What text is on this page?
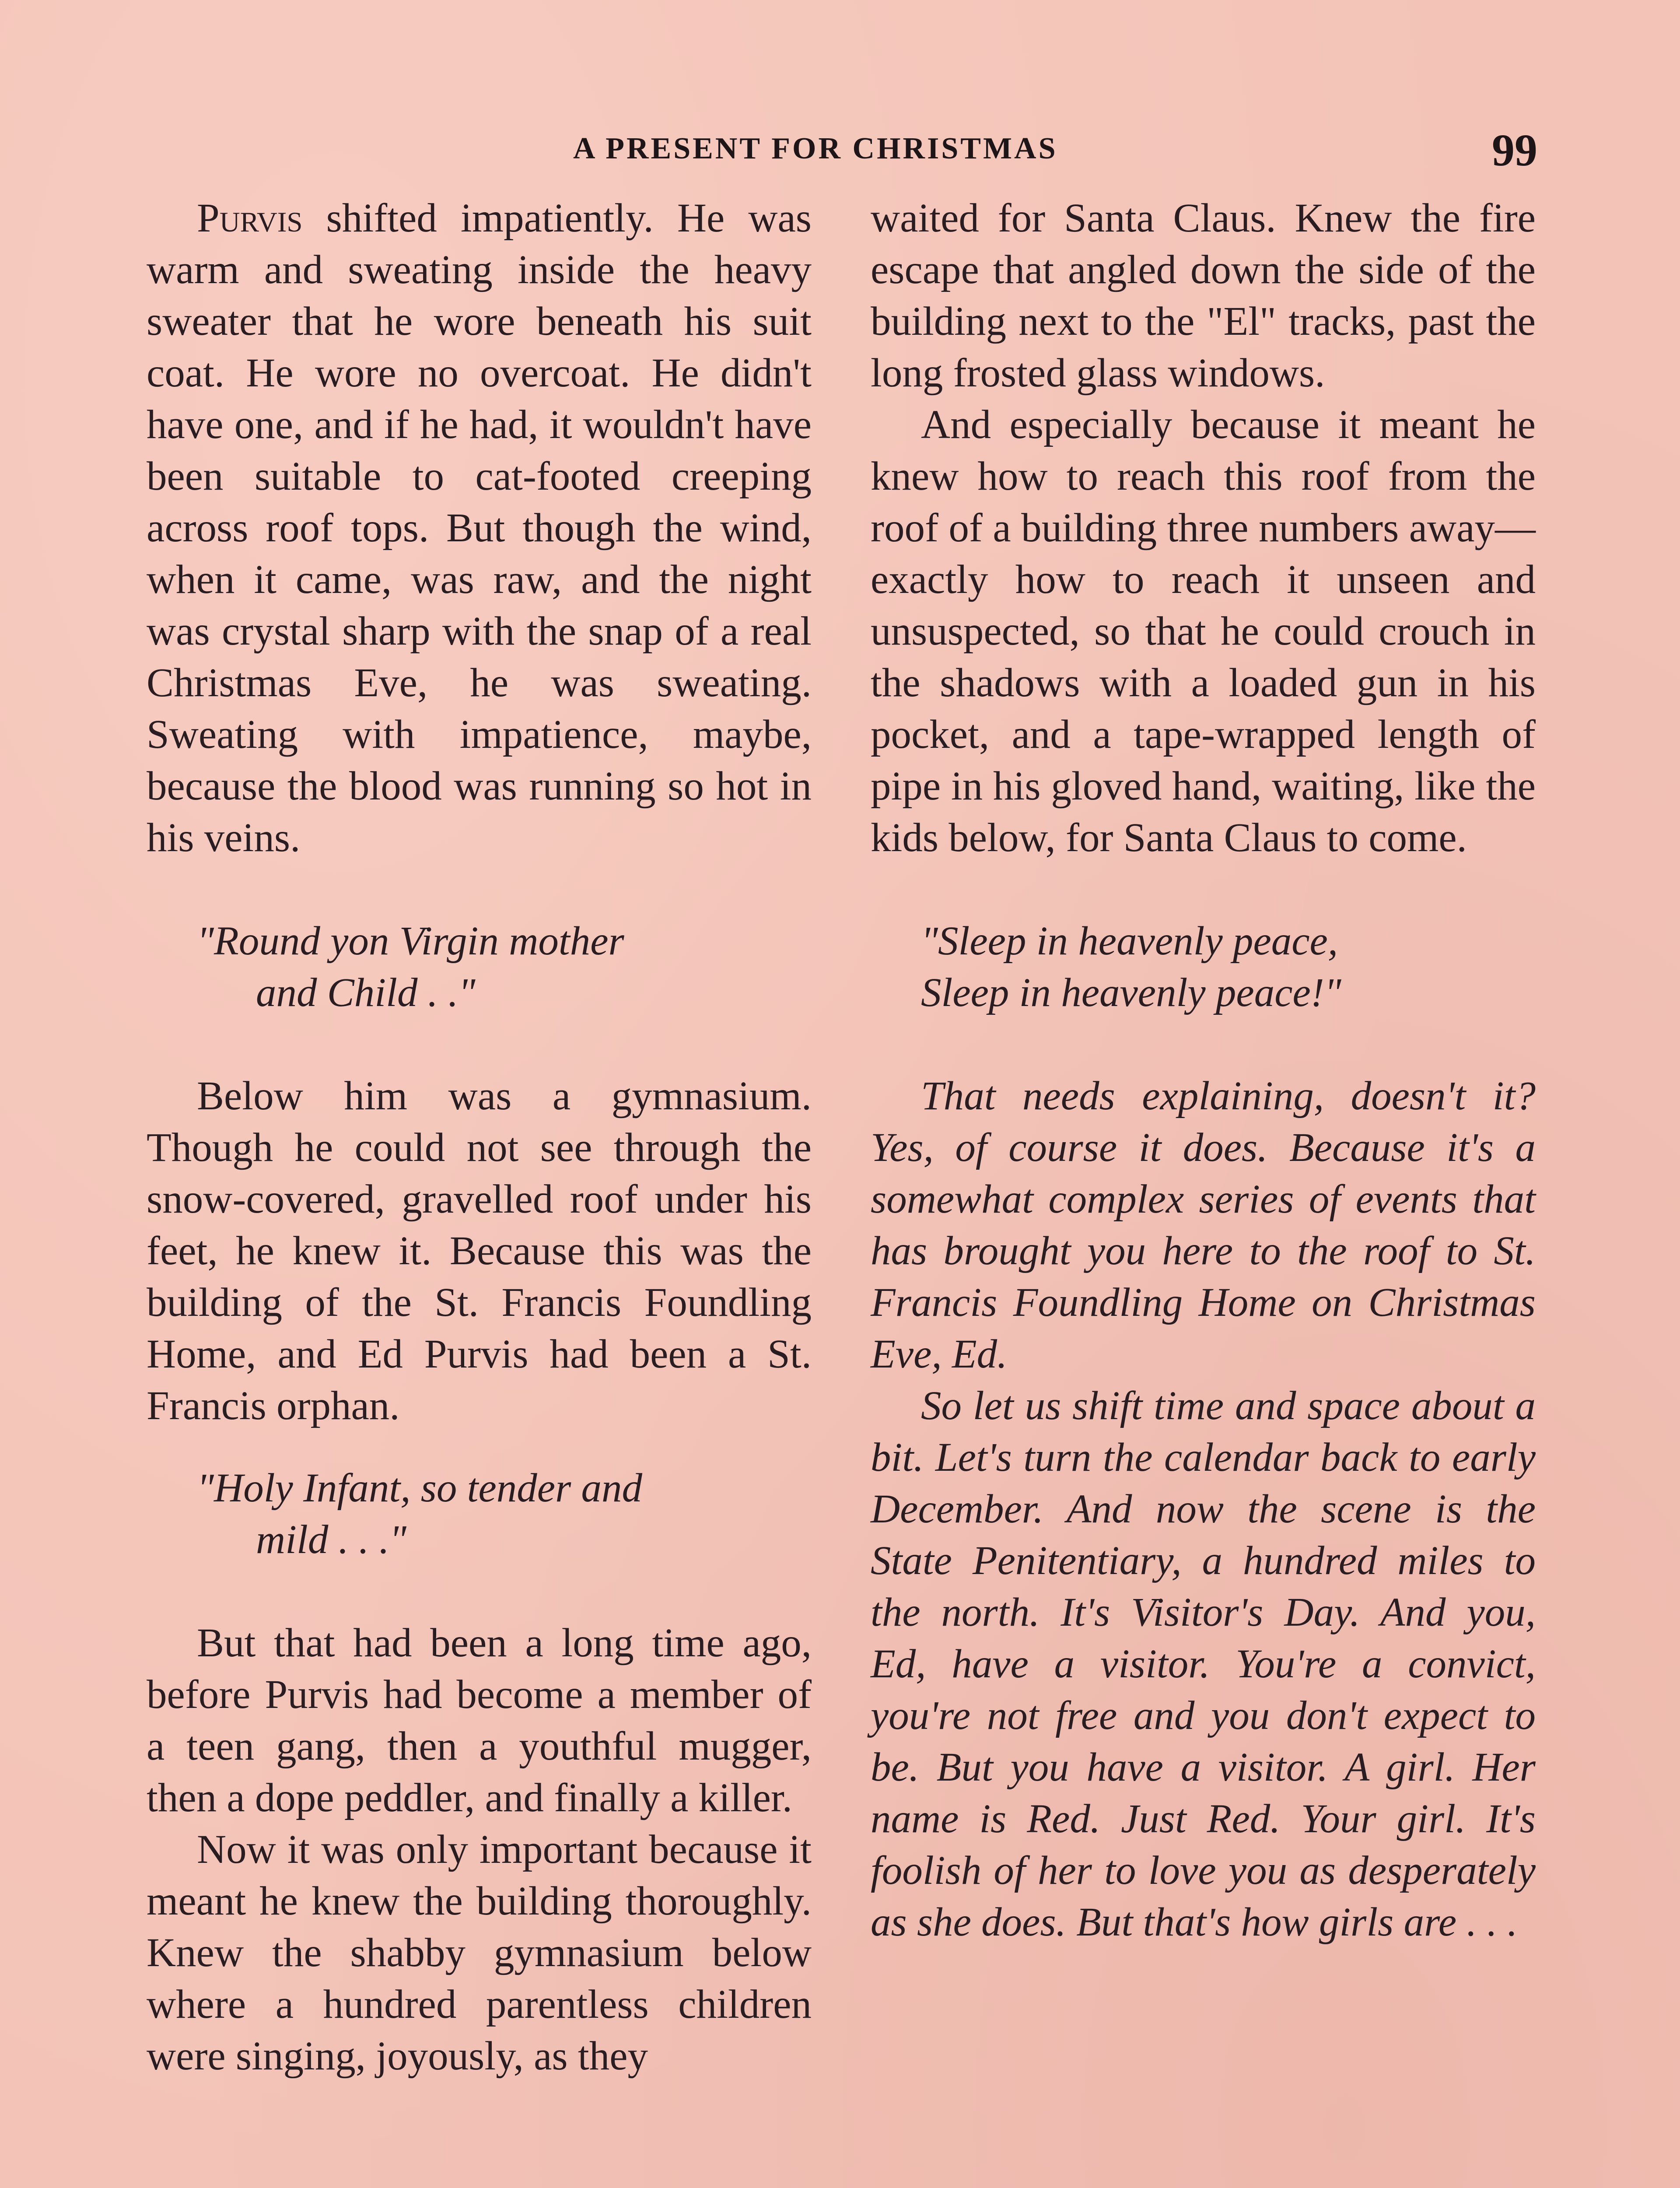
A PRESENT FOR CHRISTMAS	99

Purvis shifted impatiently. He was warm and sweating inside the heavy sweater that he wore beneath his suit coat. He wore no overcoat. He didn't have one, and if he had, it wouldn't have been suitable to cat-footed creeping across roof tops. But though the wind, when it came, was raw, and the night was crystal sharp with the snap of a real Christmas Eve, he was sweating. Sweating with impatience, maybe, because the blood was running so hot in his veins.

"Round yon Virgin mother
and Child . ."

Below him was a gymnasium. Though he could not see through the snow-covered, gravelled roof under his feet, he knew it. Because this was the building of the St. Francis Foundling Home, and Ed Purvis had been a St. Francis orphan.

"Holy Infant, so tender and
mild . . ."

But that had been a long time ago, before Purvis had become a member of a teen gang, then a youthful mugger, then a dope peddler, and finally a killer.

Now it was only important because it meant he knew the building thoroughly. Knew the shabby gymnasium below where a hundred parentless children were singing, joyously, as they

waited for Santa Claus. Knew the fire escape that angled down the side of the building next to the "El" tracks, past the long frosted glass windows.

And especially because it meant he knew how to reach this roof from the roof of a building three numbers away—exactly how to reach it unseen and unsuspected, so that he could crouch in the shadows with a loaded gun in his pocket, and a tape-wrapped length of pipe in his gloved hand, waiting, like the kids below, for Santa Claus to come.

"Sleep in heavenly peace,
Sleep in heavenly peace!"

That needs explaining, doesn't it? Yes, of course it does. Because it's a somewhat complex series of events that has brought you here to the roof to St. Francis Foundling Home on Christmas Eve, Ed.

So let us shift time and space about a bit. Let's turn the calendar back to early December. And now the scene is the State Penitentiary, a hundred miles to the north. It's Visitor's Day. And you, Ed, have a visitor. You're a convict, you're not free and you don't expect to be. But you have a visitor. A girl. Her name is Red. Just Red. Your girl. It's foolish of her to love you as desperately as she does. But that's how girls are . . .
